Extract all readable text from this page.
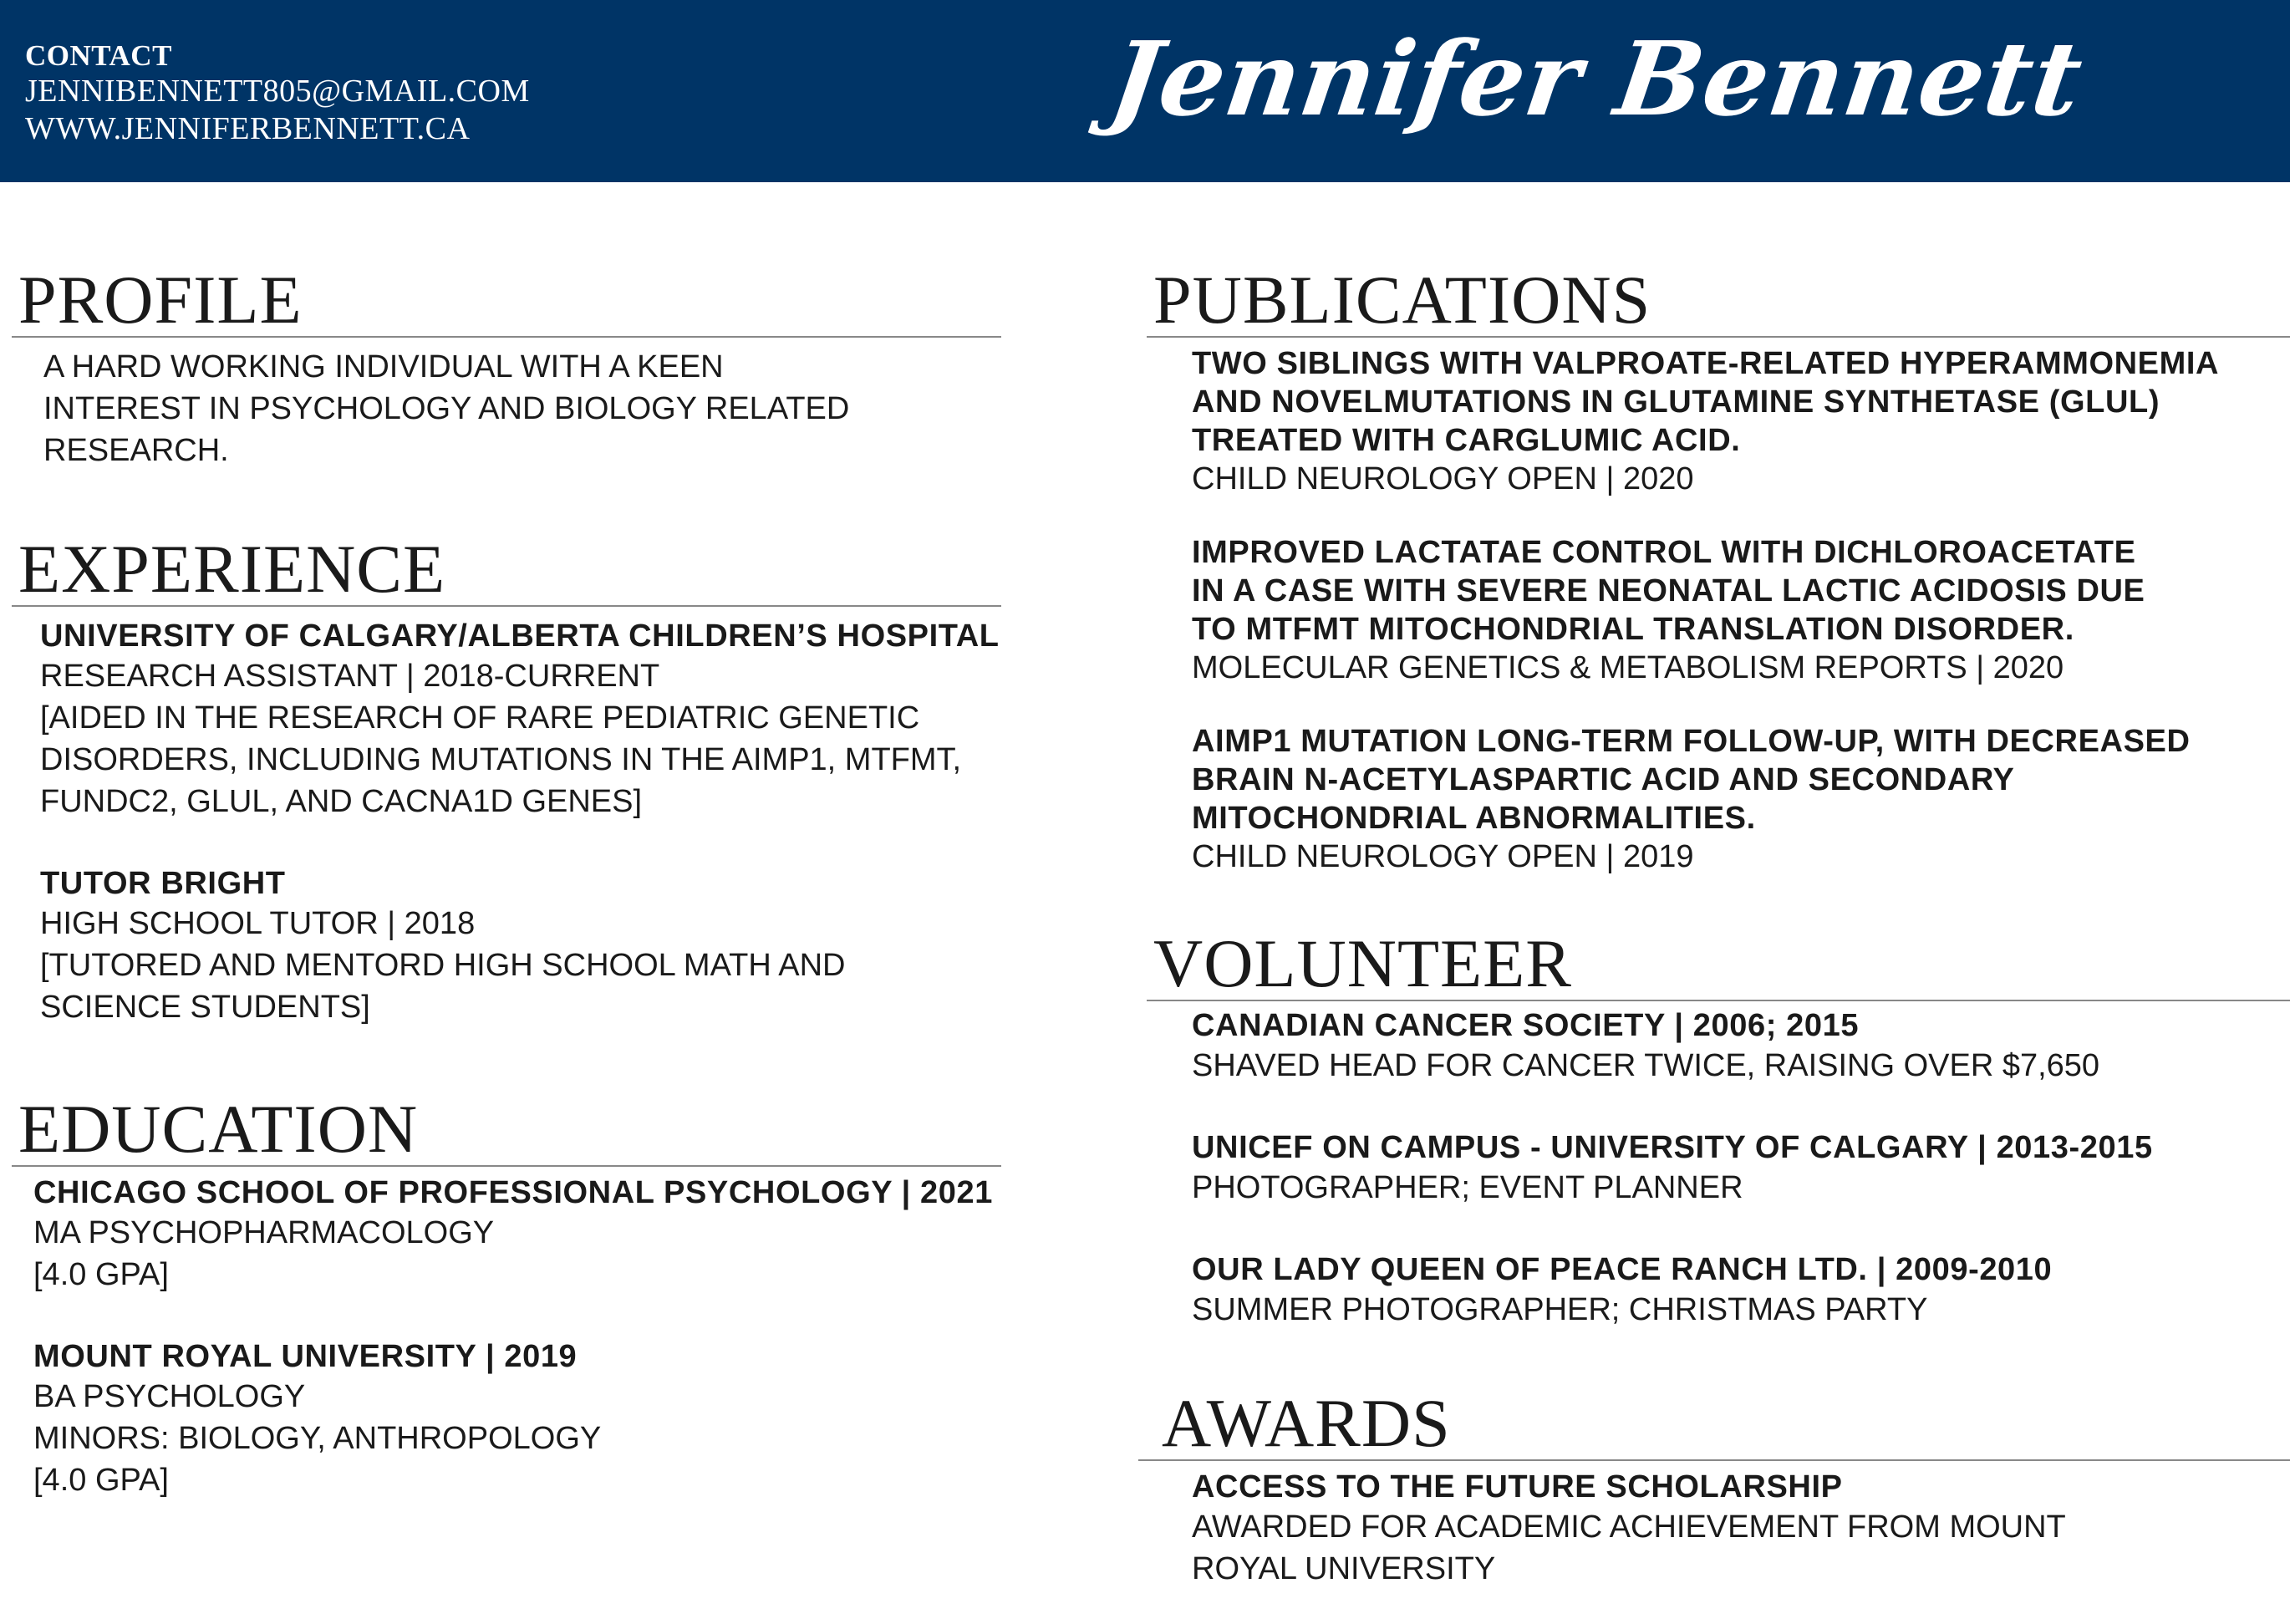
CONTACT
JENNIBENNETT805@GMAIL.COM
WWW.JENNIFERBENNETT.CA	Jennifer Bennett
PROFILE
A HARD WORKING INDIVIDUAL WITH A KEEN
INTEREST IN PSYCHOLOGY AND BIOLOGY RELATED
RESEARCH.
EXPERIENCE
UNIVERSITY OF CALGARY/ALBERTA CHILDREN’S HOSPITAL
RESEARCH ASSISTANT | 2018-CURRENT
[AIDED IN THE RESEARCH OF RARE PEDIATRIC GENETIC
DISORDERS, INCLUDING MUTATIONS IN THE AIMP1, MTFMT,
FUNDC2, GLUL, AND CACNA1D GENES]
TUTOR BRIGHT
HIGH SCHOOL TUTOR | 2018
[TUTORED AND MENTORD HIGH SCHOOL MATH AND
SCIENCE STUDENTS]
EDUCATION
CHICAGO SCHOOL OF PROFESSIONAL PSYCHOLOGY | 2021
MA PSYCHOPHARMACOLOGY
[4.0 GPA]
MOUNT ROYAL UNIVERSITY | 2019
BA PSYCHOLOGY
MINORS: BIOLOGY, ANTHROPOLOGY
[4.0 GPA]
PUBLICATIONS
TWO SIBLINGS WITH VALPROATE-RELATED HYPERAMMONEMIA
AND NOVELMUTATIONS IN GLUTAMINE SYNTHETASE (GLUL)
TREATED WITH CARGLUMIC ACID.
CHILD NEUROLOGY OPEN | 2020
IMPROVED LACTATAE CONTROL WITH DICHLOROACETATE
IN A CASE WITH SEVERE NEONATAL LACTIC ACIDOSIS DUE
TO MTFMT MITOCHONDRIAL TRANSLATION DISORDER.
MOLECULAR GENETICS & METABOLISM REPORTS | 2020
AIMP1 MUTATION LONG-TERM FOLLOW-UP, WITH DECREASED
BRAIN N-ACETYLASPARTIC ACID AND SECONDARY
MITOCHONDRIAL ABNORMALITIES.
CHILD NEUROLOGY OPEN | 2019
VOLUNTEER
CANADIAN CANCER SOCIETY | 2006; 2015
SHAVED HEAD FOR CANCER TWICE, RAISING OVER $7,650
UNICEF ON CAMPUS - UNIVERSITY OF CALGARY | 2013-2015
PHOTOGRAPHER; EVENT PLANNER
OUR LADY QUEEN OF PEACE RANCH LTD. | 2009-2010
SUMMER PHOTOGRAPHER; CHRISTMAS PARTY
AWARDS
ACCESS TO THE FUTURE SCHOLARSHIP
AWARDED FOR ACADEMIC ACHIEVEMENT FROM MOUNT
ROYAL UNIVERSITY
